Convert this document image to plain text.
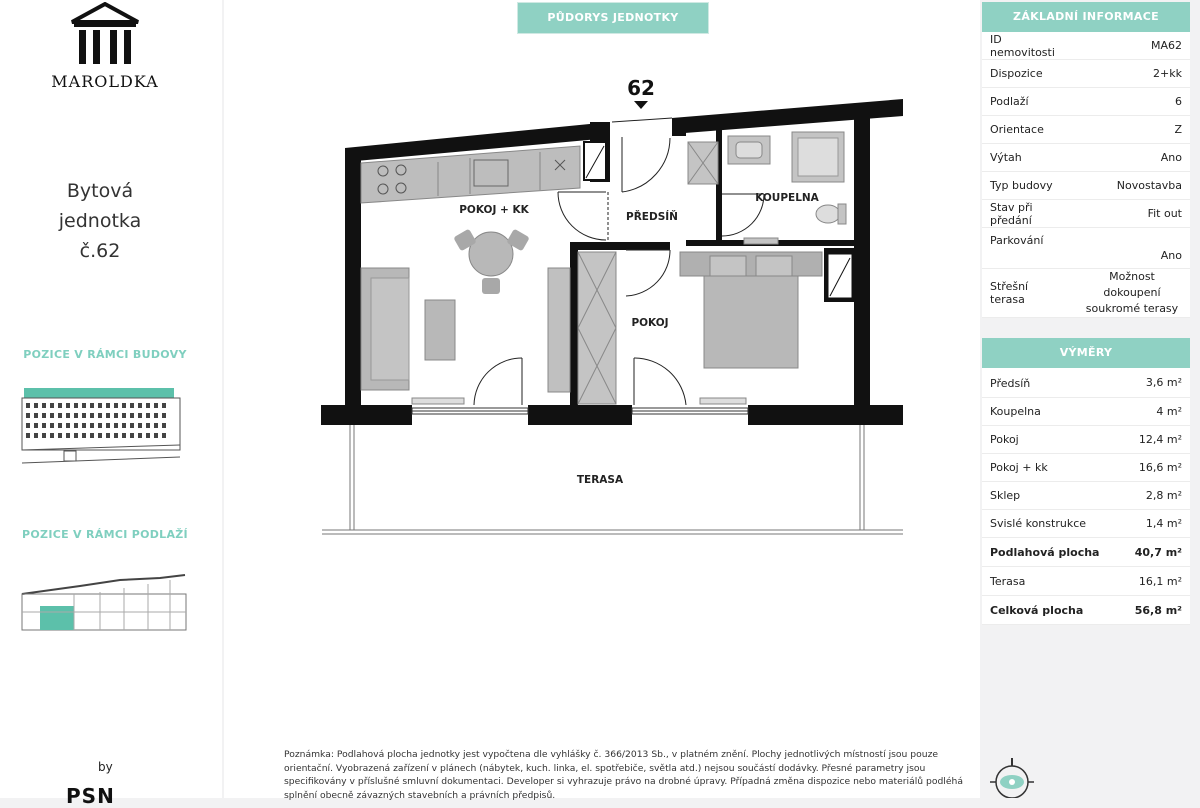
MAROLDKA
Bytová
jednotka
č.62
POZICE V RÁMCI BUDOVY
POZICE V RÁMCI PODLAŽÍ
by
PSN
PŮDORYS JEDNOTKY
62
POKOJ + KK
PŘEDSÍŇ
KOUPELNA
POKOJ
TERASA
ZÁKLADNÍ INFORMACE
ID nemovitosti	MA62
Dispozice	2+kk
Podlaží	6
Orientace	Z
Výtah	Ano
Typ budovy	Novostavba
Stav při předání	Fit out
Parkování	Ano
Střešní terasa	Možnost dokoupení soukromé terasy
VÝMĚRY
Předsíň	3,6 m²
Koupelna	4 m²
Pokoj	12,4 m²
Pokoj + kk	16,6 m²
Sklep	2,8 m²
Svislé konstrukce	1,4 m²
Podlahová plocha	40,7 m²
Terasa	16,1 m²
Celková plocha	56,8 m²
Poznámka: Podlahová plocha jednotky jest vypočtena dle vyhlášky č. 366/2013 Sb., v platném znění. Plochy jednotlivých místností jsou pouze orientační. Vyobrazená zařízení v plánech (nábytek, kuch. linka, el. spotřebiče, světla atd.) nejsou součástí dodávky. Přesné parametry jsou specifikovány v příslušné smluvní dokumentaci. Developer si vyhrazuje právo na drobné úpravy. Případná změna dispozice nebo materiálů podléhá splnění obecně závazných stavebních a právních předpisů.
